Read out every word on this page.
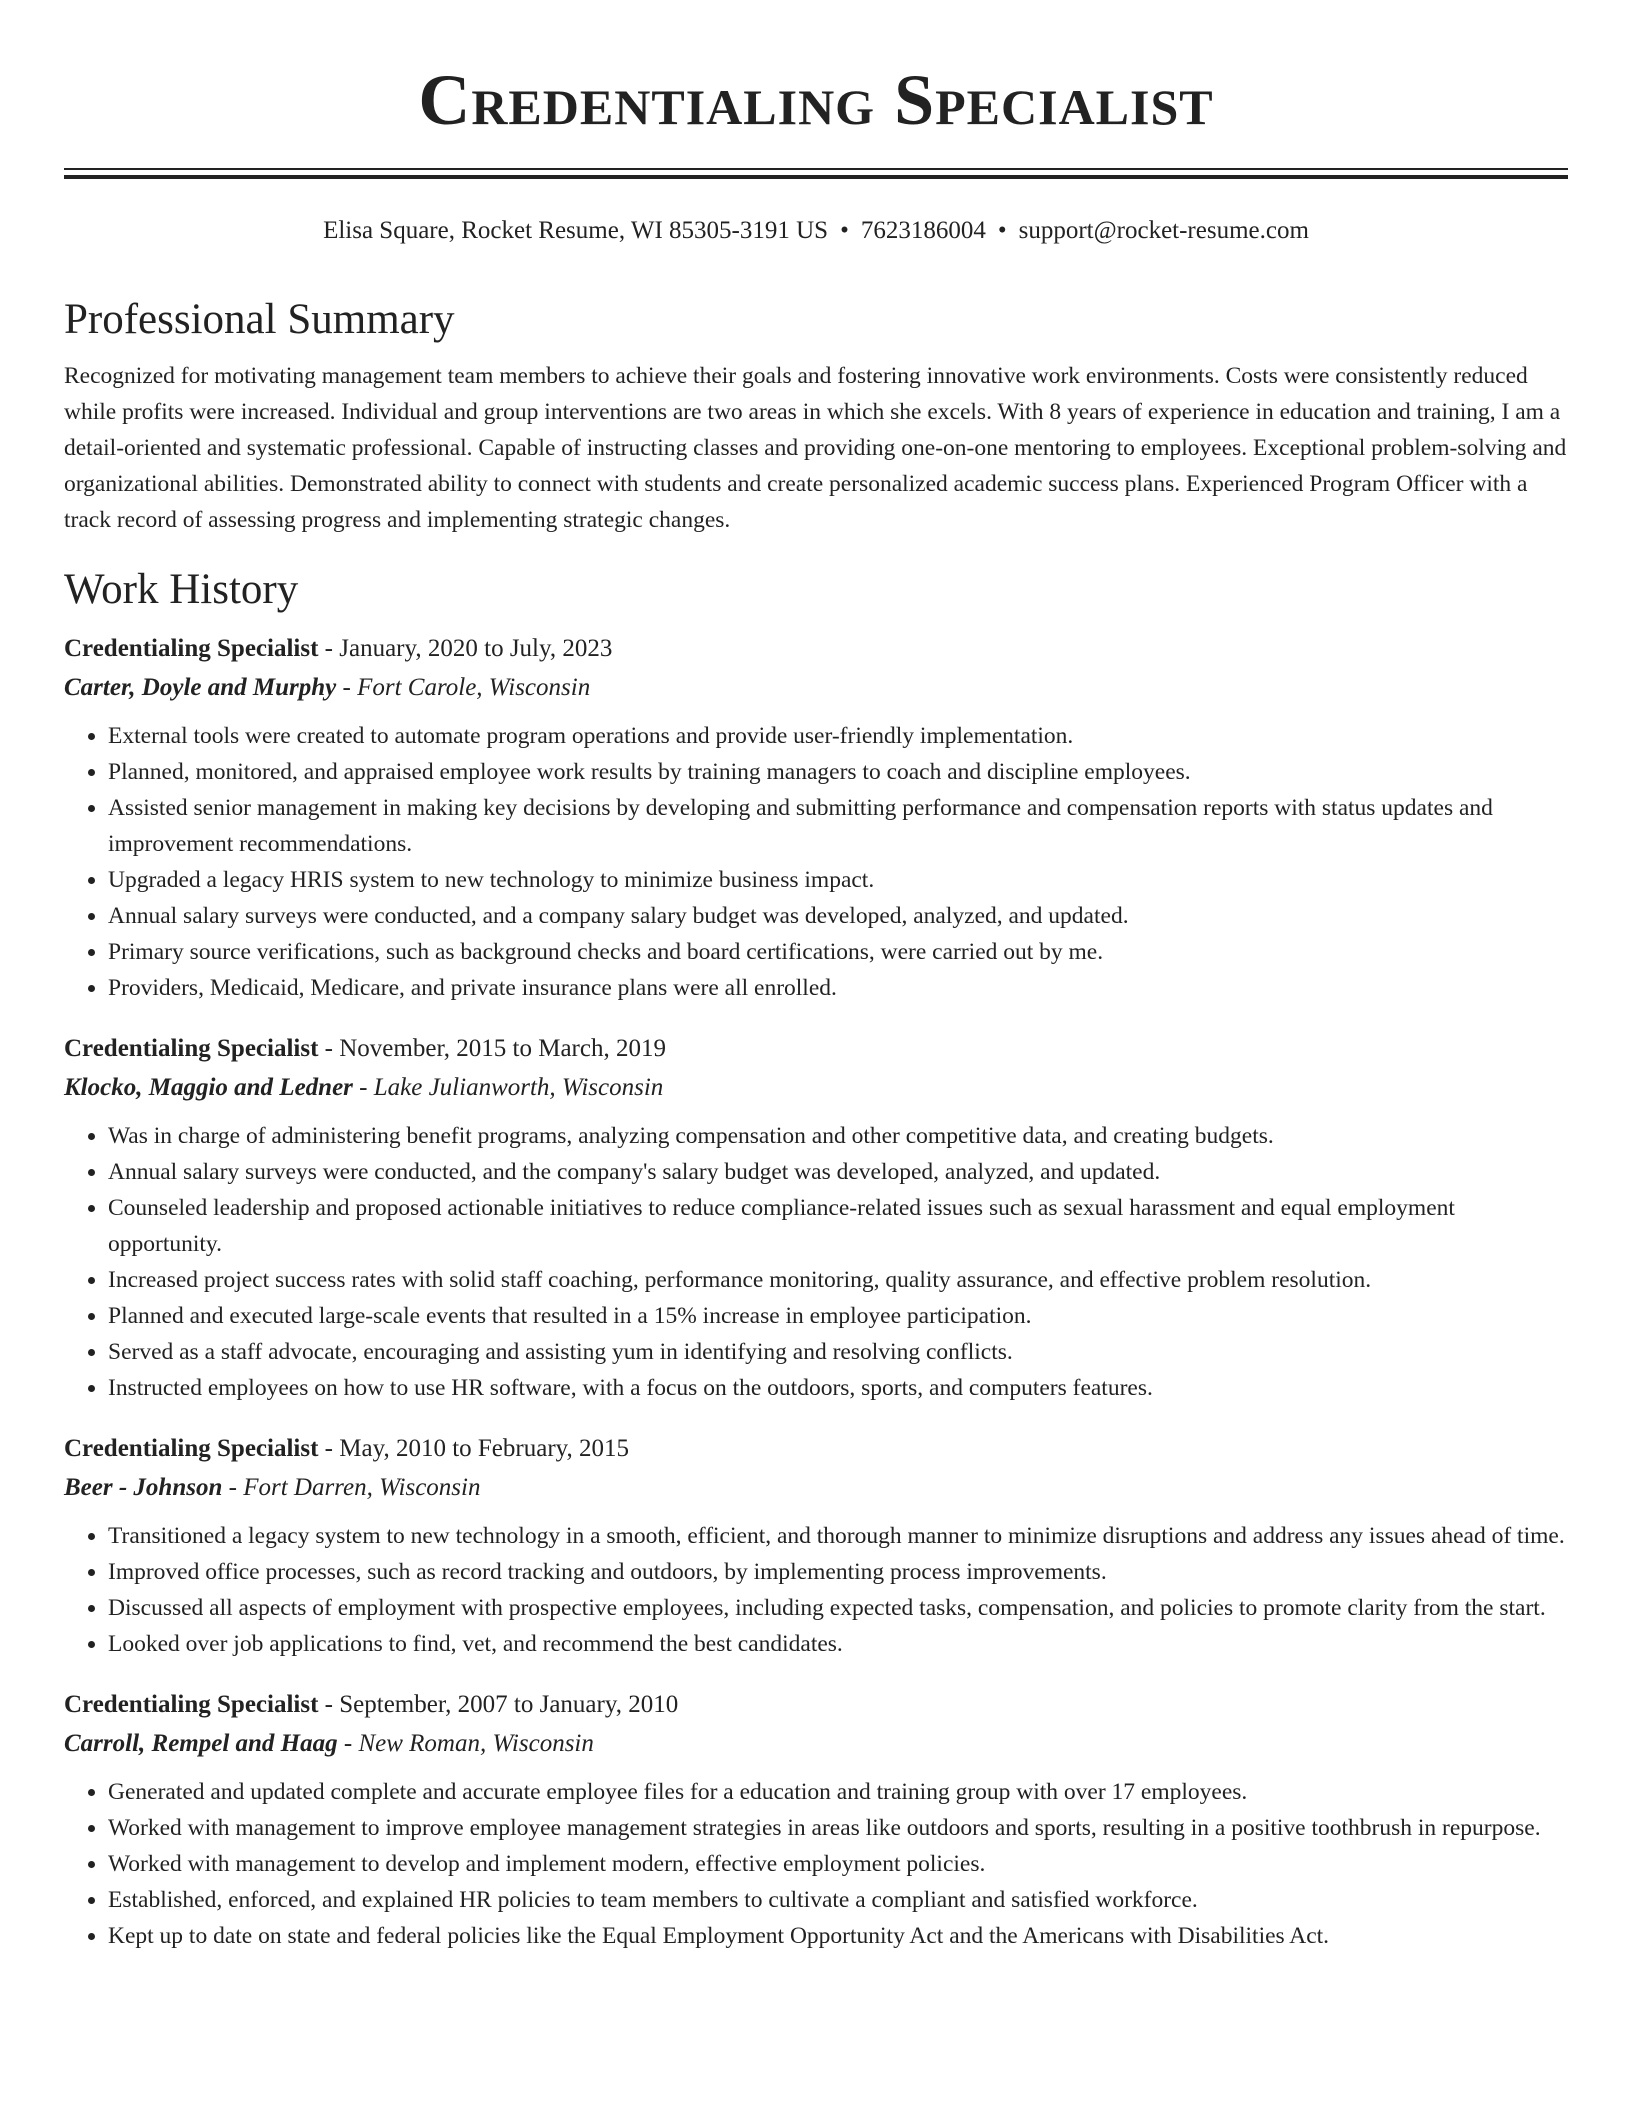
Credentialing Specialist
Elisa Square, Rocket Resume, WI 85305-3191 US • 7623186004 • support@rocket-resume.com
Professional Summary

Recognized for motivating management team members to achieve their goals and fostering innovative work environments. Costs were consistently reduced while profits were increased. Individual and group interventions are two areas in which she excels. With 8 years of experience in education and training, I am a detail-oriented and systematic professional. Capable of instructing classes and providing one-on-one mentoring to employees. Exceptional problem-solving and organizational abilities. Demonstrated ability to connect with students and create personalized academic success plans. Experienced Program Officer with a track record of assessing progress and implementing strategic changes.

Work History
Credentialing Specialist - January, 2020 to July, 2023
Carter, Doyle and Murphy - Fort Carole, Wisconsin
• External tools were created to automate program operations and provide user-friendly implementation.
• Planned, monitored, and appraised employee work results by training managers to coach and discipline employees.
• Assisted senior management in making key decisions by developing and submitting performance and compensation reports with status updates and improvement recommendations.
• Upgraded a legacy HRIS system to new technology to minimize business impact.
• Annual salary surveys were conducted, and a company salary budget was developed, analyzed, and updated.
• Primary source verifications, such as background checks and board certifications, were carried out by me.
• Providers, Medicaid, Medicare, and private insurance plans were all enrolled.
Credentialing Specialist - November, 2015 to March, 2019
Klocko, Maggio and Ledner - Lake Julianworth, Wisconsin
• Was in charge of administering benefit programs, analyzing compensation and other competitive data, and creating budgets.
• Annual salary surveys were conducted, and the company's salary budget was developed, analyzed, and updated.
• Counseled leadership and proposed actionable initiatives to reduce compliance-related issues such as sexual harassment and equal employment opportunity.
• Increased project success rates with solid staff coaching, performance monitoring, quality assurance, and effective problem resolution.
• Planned and executed large-scale events that resulted in a 15% increase in employee participation.
• Served as a staff advocate, encouraging and assisting yum in identifying and resolving conflicts.
• Instructed employees on how to use HR software, with a focus on the outdoors, sports, and computers features.
Credentialing Specialist - May, 2010 to February, 2015
Beer - Johnson - Fort Darren, Wisconsin
• Transitioned a legacy system to new technology in a smooth, efficient, and thorough manner to minimize disruptions and address any issues ahead of time.
• Improved office processes, such as record tracking and outdoors, by implementing process improvements.
• Discussed all aspects of employment with prospective employees, including expected tasks, compensation, and policies to promote clarity from the start.
• Looked over job applications to find, vet, and recommend the best candidates.
Credentialing Specialist - September, 2007 to January, 2010
Carroll, Rempel and Haag - New Roman, Wisconsin
• Generated and updated complete and accurate employee files for a education and training group with over 17 employees.
• Worked with management to improve employee management strategies in areas like outdoors and sports, resulting in a positive toothbrush in repurpose.
• Worked with management to develop and implement modern, effective employment policies.
• Established, enforced, and explained HR policies to team members to cultivate a compliant and satisfied workforce.
• Kept up to date on state and federal policies like the Equal Employment Opportunity Act and the Americans with Disabilities Act.
